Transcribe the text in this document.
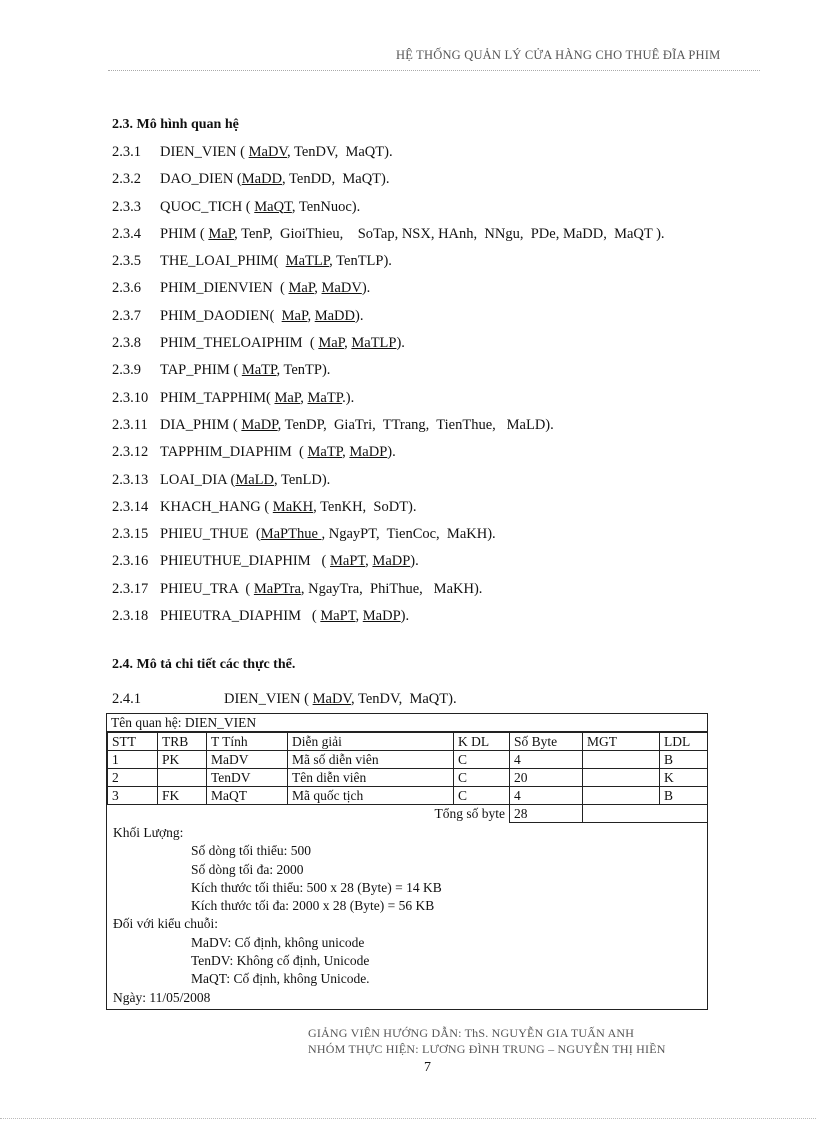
HỆ THỐNG QUẢN LÝ CỬA HÀNG CHO THUÊ ĐĨA PHIM
2.3. Mô hình quan hệ
2.3.1	DIEN_VIEN ( MaDV, TenDV,  MaQT).
2.3.2	DAO_DIEN (MaDD, TenDD,  MaQT).
2.3.3	QUOC_TICH ( MaQT, TenNuoc).
2.3.4	PHIM ( MaP, TenP,  GioiThieu,    SoTap, NSX, HAnh,  NNgu,  PDe, MaDD,  MaQT ).
2.3.5	THE_LOAI_PHIM(  MaTLP, TenTLP).
2.3.6	PHIM_DIENVIEN  ( MaP, MaDV).
2.3.7	PHIM_DAODIEN(  MaP, MaDD).
2.3.8	PHIM_THELOAIPHIM  ( MaP, MaTLP).
2.3.9	TAP_PHIM ( MaTP, TenTP).
2.3.10 PHIM_TAPPHIM( MaP, MaTP.).
2.3.11 DIA_PHIM ( MaDP, TenDP,  GiaTri,  TTrang,  TienThue,   MaLD).
2.3.12 TAPPHIM_DIAPHIM  ( MaTP, MaDP).
2.3.13 LOAI_DIA (MaLD, TenLD).
2.3.14 KHACH_HANG ( MaKH, TenKH,  SoDT).
2.3.15 PHIEU_THUE  (MaPThue , NgayPT,  TienCoc,  MaKH).
2.3.16 PHIEUTHUE_DIAPHIM   ( MaPT, MaDP).
2.3.17 PHIEU_TRA  ( MaPTra, NgayTra,  PhiThue,   MaKH).
2.3.18 PHIEUTRA_DIAPHIM   ( MaPT, MaDP).
2.4. Mô tả chi tiết các thực thể.
2.4.1	DIEN_VIEN ( MaDV, TenDV,  MaQT).
Tên quan hệ: DIEN_VIEN
STT	TRB	T Tính	Diễn giải	K DL	Số Byte	MGT	LDL
1	PK	MaDV	Mã số diễn viên	C	4		B
2		TenDV	Tên diễn viên	C	20		K
3	FK	MaQT	Mã quốc tịch	C	4		B
Tổng số byte					28		
Khối Lượng:
Số dòng tối thiểu: 500
Số dòng tối đa: 2000
Kích thước tối thiểu: 500 x 28 (Byte) = 14 KB
Kích thước tối đa: 2000 x 28 (Byte) = 56 KB
Đối với kiểu chuỗi:
MaDV: Cố định, không unicode
TenDV: Không cố định, Unicode
MaQT: Cố định, không Unicode.
Ngày: 11/05/2008
GIẢNG VIÊN HƯỚNG DẪN: ThS. NGUYỄN GIA TUẤN ANH
NHÓM THỰC HIỆN: LƯƠNG ĐÌNH TRUNG – NGUYỄN THỊ HIỀN
7
